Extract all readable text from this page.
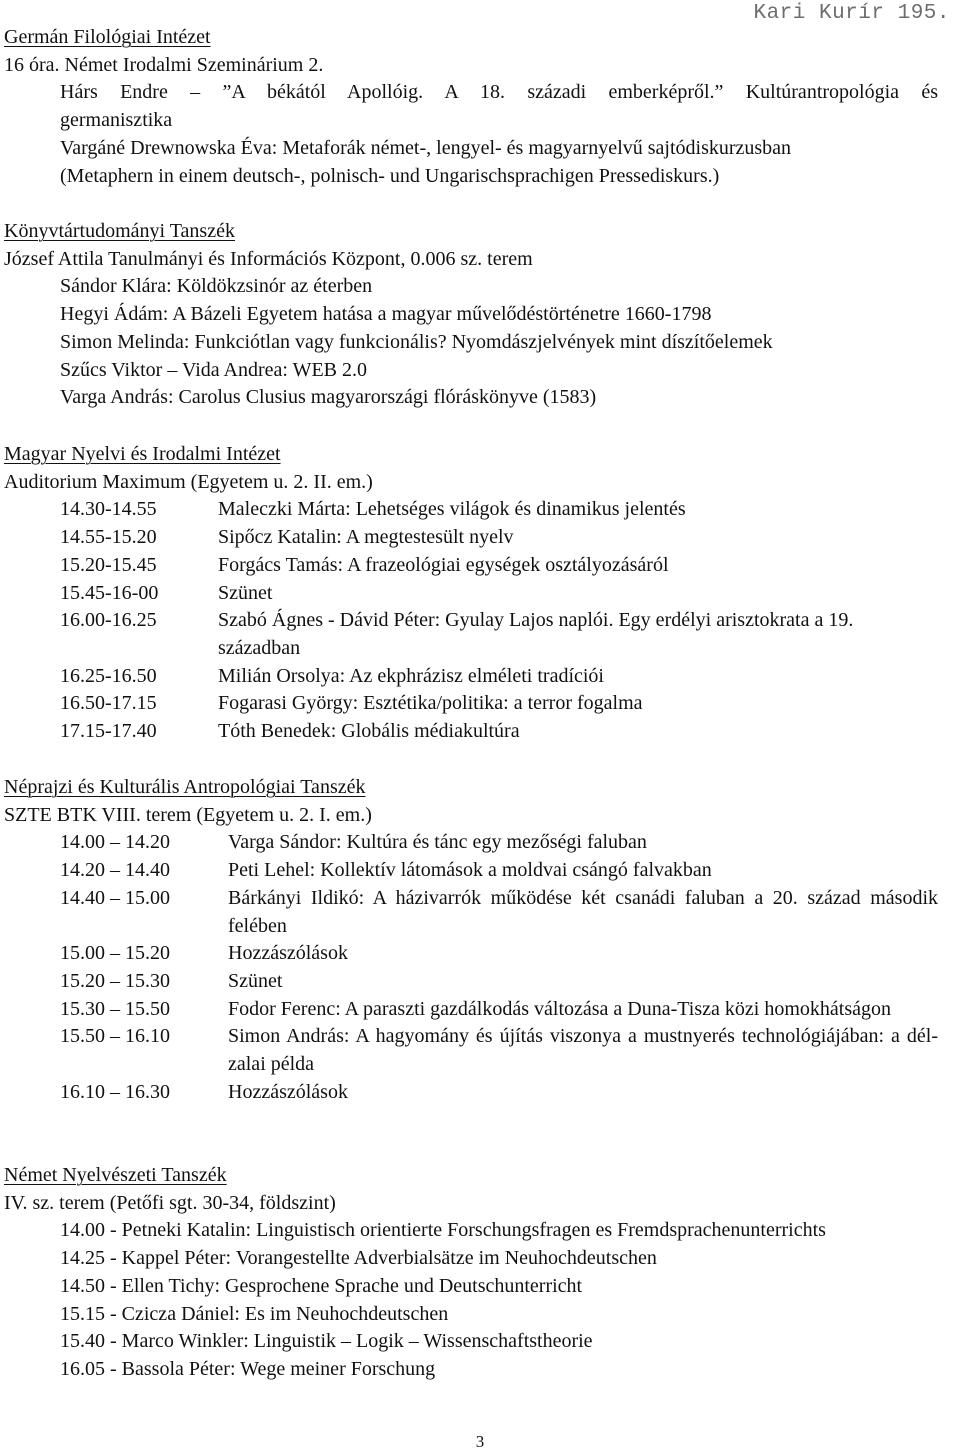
Kari Kurír 195.
Germán Filológiai Intézet
16 óra. Német Irodalmi Szeminárium 2.
Hárs Endre – ”A békától Apollóig. A 18. századi emberképről.” Kultúrantropológia és
germanisztika
Vargáné Drewnowska Éva: Metaforák német-, lengyel- és magyarnyelvű sajtódiskurzusban
(Metaphern in einem deutsch-, polnisch- und Ungarischsprachigen Pressediskurs.)
Könyvtártudományi Tanszék
József Attila Tanulmányi és Információs Központ, 0.006 sz. terem
Sándor Klára: Köldökzsinór az éterben
Hegyi Ádám: A Bázeli Egyetem hatása a magyar művelődéstörténetre 1660-1798
Simon Melinda: Funkciótlan vagy funkcionális? Nyomdászjelvények mint díszítőelemek
Szűcs Viktor – Vida Andrea: WEB 2.0
Varga András: Carolus Clusius magyarországi flóráskönyve (1583)
Magyar Nyelvi és Irodalmi Intézet
Auditorium Maximum (Egyetem u. 2. II. em.)
14.30-14.55	Maleczki Márta: Lehetséges világok és dinamikus jelentés
14.55-15.20	Sipőcz Katalin: A megtestesült nyelv
15.20-15.45	Forgács Tamás: A frazeológiai egységek osztályozásáról
15.45-16-00	Szünet
16.00-16.25	Szabó Ágnes - Dávid Péter: Gyulay Lajos naplói. Egy erdélyi arisztokrata a 19. században
16.25-16.50	Milián Orsolya: Az ekphrázisz elméleti tradíciói
16.50-17.15	Fogarasi György: Esztétika/politika: a terror fogalma
17.15-17.40	Tóth Benedek: Globális médiakultúra
Néprajzi és Kulturális Antropológiai Tanszék
SZTE BTK VIII. terem (Egyetem u. 2. I. em.)
14.00 – 14.20	Varga Sándor: Kultúra és tánc egy mezőségi faluban
14.20 – 14.40	Peti Lehel: Kollektív látomások a moldvai csángó falvakban
14.40 – 15.00	Bárkányi Ildikó: A házivarrók működése két csanádi faluban a 20. század második felében
15.00 – 15.20	Hozzászólások
15.20 – 15.30	Szünet
15.30 – 15.50	Fodor Ferenc: A paraszti gazdálkodás változása a Duna-Tisza közi homokhátságon
15.50 – 16.10	Simon András: A hagyomány és újítás viszonya a mustnyerés technológiájában: a dél-zalai példa
16.10 – 16.30	Hozzászólások
Német Nyelvészeti Tanszék
IV. sz. terem (Petőfi sgt. 30-34, földszint)
14.00 - Petneki Katalin: Linguistisch orientierte Forschungsfragen es Fremdsprachenunterrichts
14.25 - Kappel Péter: Vorangestellte Adverbialsätze im Neuhochdeutschen
14.50 - Ellen Tichy: Gesprochene Sprache und Deutschunterricht
15.15 - Czicza Dániel: Es im Neuhochdeutschen
15.40 - Marco Winkler: Linguistik – Logik – Wissenschaftstheorie
16.05 - Bassola Péter: Wege meiner Forschung
3
